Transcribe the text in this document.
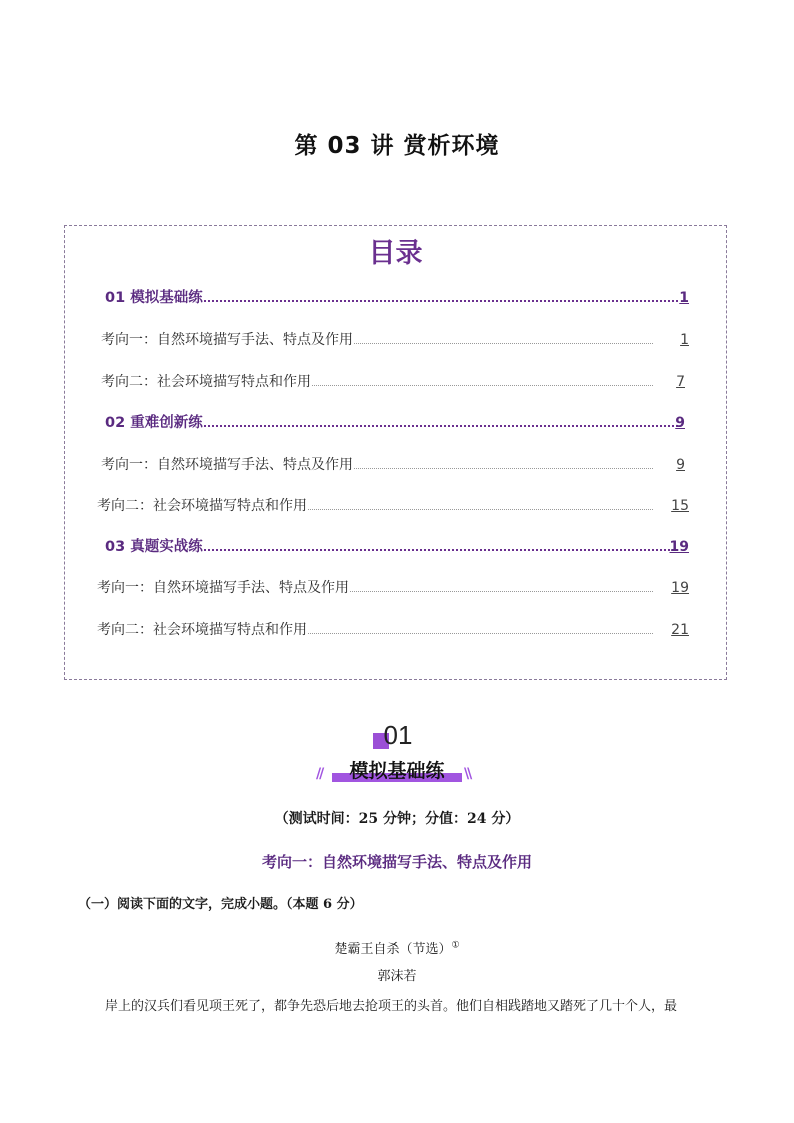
第 03 讲 赏析环境
目录
01 模拟基础练	1
考向一：自然环境描写手法、特点及作用	1
考向二：社会环境描写特点和作用	7
02 重难创新练	9
考向一：自然环境描写手法、特点及作用	9
考向二：社会环境描写特点和作用	15
03 真题实战练	19
考向一：自然环境描写手法、特点及作用	19
考向二：社会环境描写特点和作用	21
01
//	\\
模拟基础练
（测试时间：25 分钟；分值：24 分）
考向一：自然环境描写手法、特点及作用
（一）阅读下面的文字，完成小题。（本题 6 分）
楚霸王自杀（节选）①
郭沫若
岸上的汉兵们看见项王死了，都争先恐后地去抢项王的头首。他们自相践踏地又踏死了几十个人，最
